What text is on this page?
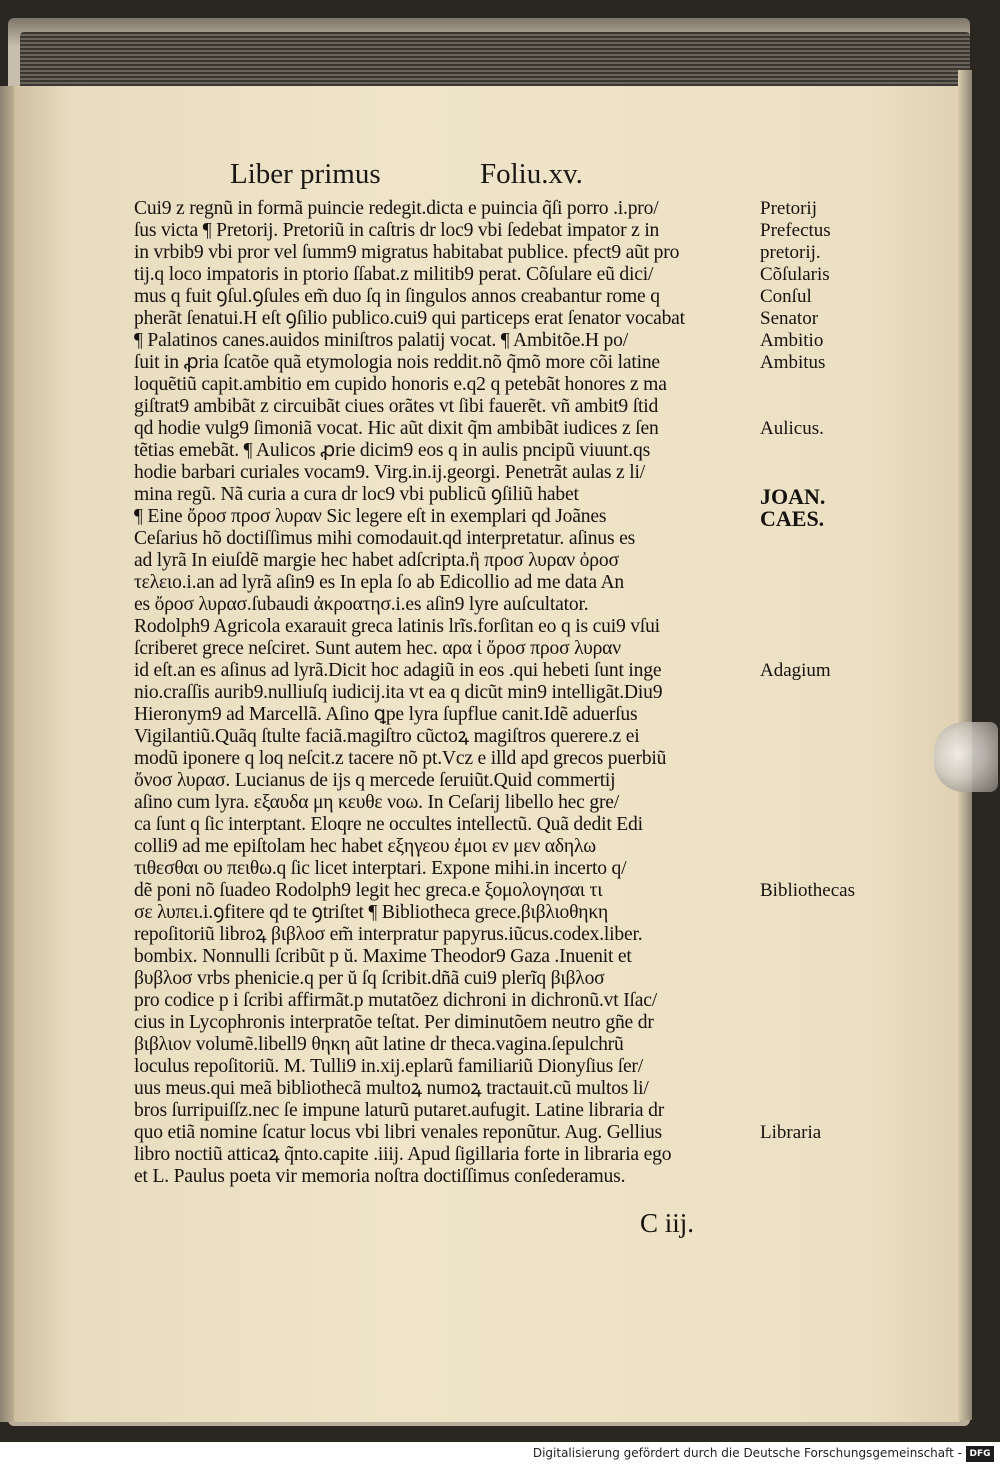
Liber primus	Foliu.xv.
Cui9 z regnũ in formã puincie redegit.dicta e puincia q̃ſi porro .i.pro/
ſus victa ¶ Pretorij. Pretoriũ in caſtris dr loc9 vbi ſedebat impator z in
in vrbib9 vbi pror vel ſumm9 migratus habitabat publice. pfect9 aũt pro
tij.q loco impatoris in ptorio ſſabat.z militib9 perat. Cõſulare eũ dici/
mus q fuit ꝯſul.ꝯſules em̃ duo ſq in ſingulos annos creabantur rome q
pherãt ſenatui.H eſt ꝯſilio publico.cui9 qui particeps erat ſenator vocabat
¶ Palatinos canes.auidos miniſtros palatij vocat. ¶ Ambitõe.H po/
ſuit in ꝓria ſcatõe quã etymologia nois reddit.nõ q̃mõ more cõi latine
loquẽtiũ capit.ambitio em cupido honoris e.q2 q petebãt honores z ma
giſtrat9 ambibãt z circuibãt ciues orãtes vt ſibi fauerẽt. vñ ambit9 ſtid
qd hodie vulg9 ſimoniã vocat. Hic aũt dixit q̃m ambibãt iudices z ſen
tẽtias emebãt. ¶ Aulicos ꝓrie dicim9 eos q in aulis pncipũ viuunt.qs
hodie barbari curiales vocam9. Virg.in.ij.georgi. Penetrãt aulas z li/
mina regũ. Nã curia a cura dr loc9 vbi publicũ ꝯſiliũ habet
¶ Eine ὄροσ προσ λυραν Sic legere eſt in exemplari qd Joãnes
Ceſarius hõ doctiſſimus mihi comodauit.qd interpretatur. aſinus es
ad lyrã In eiuſdẽ margie hec habet adſcripta.ἢ προσ λυραν ὀροσ
τελειο.i.an ad lyrã aſin9 es In epla ſo ab Edicollio ad me data An
es ὄροσ λυρασ.ſubaudi ἀκροατησ.i.es aſin9 lyre auſcultator.
Rodolph9 Agricola exarauit greca latinis lrĩs.forſitan eo q is cui9 vſui
ſcriberet grece neſciret. Sunt autem hec. αρα ἰ ὄροσ προσ λυραν
id eſt.an es aſinus ad lyrã.Dicit hoc adagiũ in eos .qui hebeti ſunt inge
nio.craſſis aurib9.nulliuſq iudicij.ita vt ea q dicũt min9 intelligãt.Diu9
Hieronym9 ad Marcellã. Aſino ꝗpe lyra ſupflue canit.Idẽ aduerſus
Vigilantiũ.Quãq ſtulte faciã.magiſtro cũctoꝝ magiſtros querere.z ei
modũ iponere q loq neſcit.z tacere nõ pt.Vcz e illd apd grecos puerbiũ
ὄνοσ λυρασ. Lucianus de ĳs q mercede ſeruiũt.Quid commertij
aſino cum lyra. εξαυδα μη κευθε νοω. In Ceſarij libello hec gre/
ca ſunt q ſic interptant. Eloqre ne occultes intellectũ. Quã dedit Edi
colli9 ad me epiſtolam hec habet εξηγεου ἐμοι εν μεν αδηλω
τιθεσθαι ου πειθω.q ſic licet interptari. Expone mihi.in incerto q/
dẽ poni nõ ſuadeo Rodolph9 legit hec greca.e ξομολογησαι τι
σε λυπει.i.ꝯfitere qd te ꝯtriſtet ¶ Bibliotheca grece.βιβλιοθηκη
repoſitoriũ libroꝝ βιβλοσ em̃ interpratur papyrus.iũcus.codex.liber.
bombix. Nonnulli ſcribũt p ŭ. Maxime Theodor9 Gaza .Inuenit et
βυβλοσ vrbs phenicie.q per ŭ ſq ſcribit.dñã cui9 plerĩq βιβλοσ
pro codice p i ſcribi affirmãt.p mutatõez dichroni in dichronũ.vt Iſac/
cius in Lycophronis interpratõe teſtat. Per diminutõem neutro gñe dr
βιβλιον volumẽ.libell9 θηκη aũt latine dr theca.vagina.ſepulchrũ
loculus repoſitoriũ. M. Tulli9 in.xij.eplarũ familiariũ Dionyſius ſer/
uus meus.qui meã bibliothecã multoꝝ numoꝝ tractauit.cũ multos li/
bros ſurripuiſſz.nec ſe impune laturũ putaret.aufugit. Latine libraria dr
quo etiã nomine ſcatur locus vbi libri venales reponũtur. Aug. Gellius
libro noctiũ atticaꝝ q̃nto.capite .iiij. Apud ſigillaria forte in libraria ego
et L. Paulus poeta vir memoria noſtra doctiſſimus conſederamus.
Pretorij
Prefectus
pretorij.
Cõſularis
Conſul
Senator
Ambitio
Ambitus
Aulicus.
JOAN.
CAES.
Adagium
Bibliothecas
Libraria
C iij.
Digitalisierung gefördert durch die Deutsche Forschungsgemeinschaft - DFG
